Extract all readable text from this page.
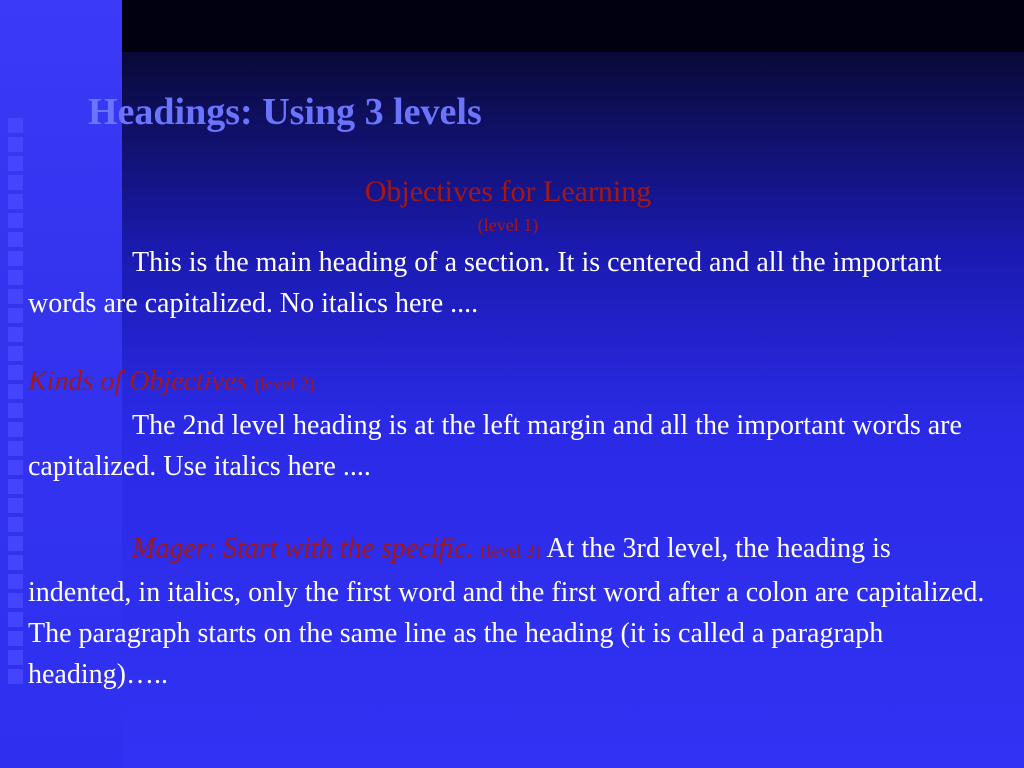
Headings: Using 3 levels
Objectives for Learning
(level 1)
This is the main heading of a section. It is centered and all the important words are capitalized. No italics here ....
Kinds of Objectives (level 2)
The 2nd level heading is at the left margin and all the important words are capitalized. Use italics here ....
Mager: Start with the specific. (level 3) At the 3rd level, the heading is indented, in italics, only the first word and the first word after a colon are capitalized. The paragraph starts on the same line as the heading (it is called a paragraph heading)…..
